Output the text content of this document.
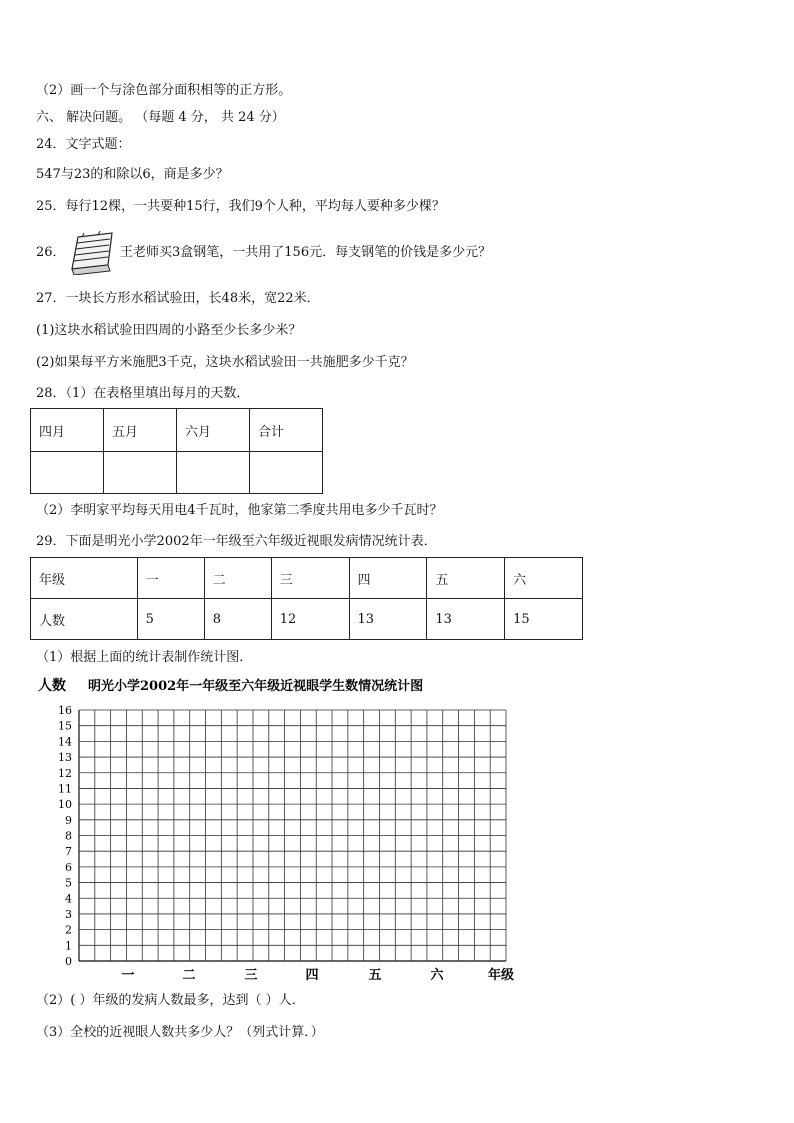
（2）画一个与涂色部分面积相等的正方形。
六、 解决问题。 （每题 4 分， 共 24 分）
24．文字式题：
547与23的和除以6，商是多少？
25．每行12棵，一共要种15行，我们9个人种，平均每人要种多少棵？
26．	王老师买3盒钢笔，一共用了156元．每支钢笔的价钱是多少元？
27．一块长方形水稻试验田，长48米，宽22米．
(1)这块水稻试验田四周的小路至少长多少米？
(2)如果每平方米施肥3千克，这块水稻试验田一共施肥多少千克？
28．（1）在表格里填出每月的天数．
四月	五月	六月	合计

（2）李明家平均每天用电4千瓦时，他家第二季度共用电多少千瓦时？
29．下面是明光小学2002年一年级至六年级近视眼发病情况统计表．
年级	一	二	三	四	五	六
人数	5	8	12	13	13	15
（1）根据上面的统计表制作统计图．
人数 明光小学2002年一年级至六年级近视眼学生数情况统计图
0
1
2
3
4
5
6
7
8
9
10
11
12
13
14
15
16
一	二	三	四	五	六	年级
（2）( ）年级的发病人数最多，达到（ ）人．
（3）全校的近视眼人数共多少人？（列式计算．）
